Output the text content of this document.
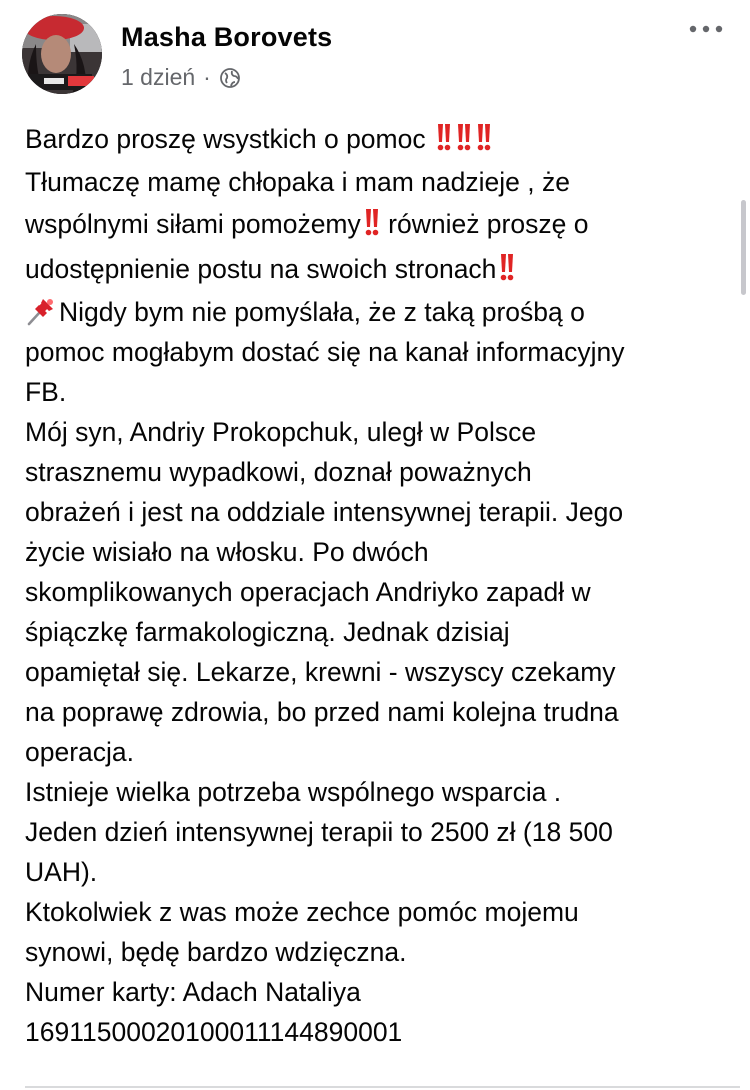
Masha Borovets
1 dzień ·
Bardzo proszę wsystkich o pomoc
Tłumaczę mamę chłopaka i mam nadzieje , że
wspólnymi siłami pomożemy również proszę o
udostępnienie postu na swoich stronach
Nigdy bym nie pomyślała, że z taką prośbą o
pomoc mogłabym dostać się na kanał informacyjny
FB.
Mój syn, Andriy Prokopchuk, uległ w Polsce
strasznemu wypadkowi, doznał poważnych
obrażeń i jest na oddziale intensywnej terapii. Jego
życie wisiało na włosku. Po dwóch
skomplikowanych operacjach Andriyko zapadł w
śpiączkę farmakologiczną. Jednak dzisiaj
opamiętał się. Lekarze, krewni - wszyscy czekamy
na poprawę zdrowia, bo przed nami kolejna trudna
operacja.
Istnieje wielka potrzeba wspólnego wsparcia .
Jeden dzień intensywnej terapii to 2500 zł (18 500
UAH).
Ktokolwiek z was może zechce pomóc mojemu
synowi, będę bardzo wdzięczna.
Numer karty: Adach Nataliya
16911500020100011144890001
